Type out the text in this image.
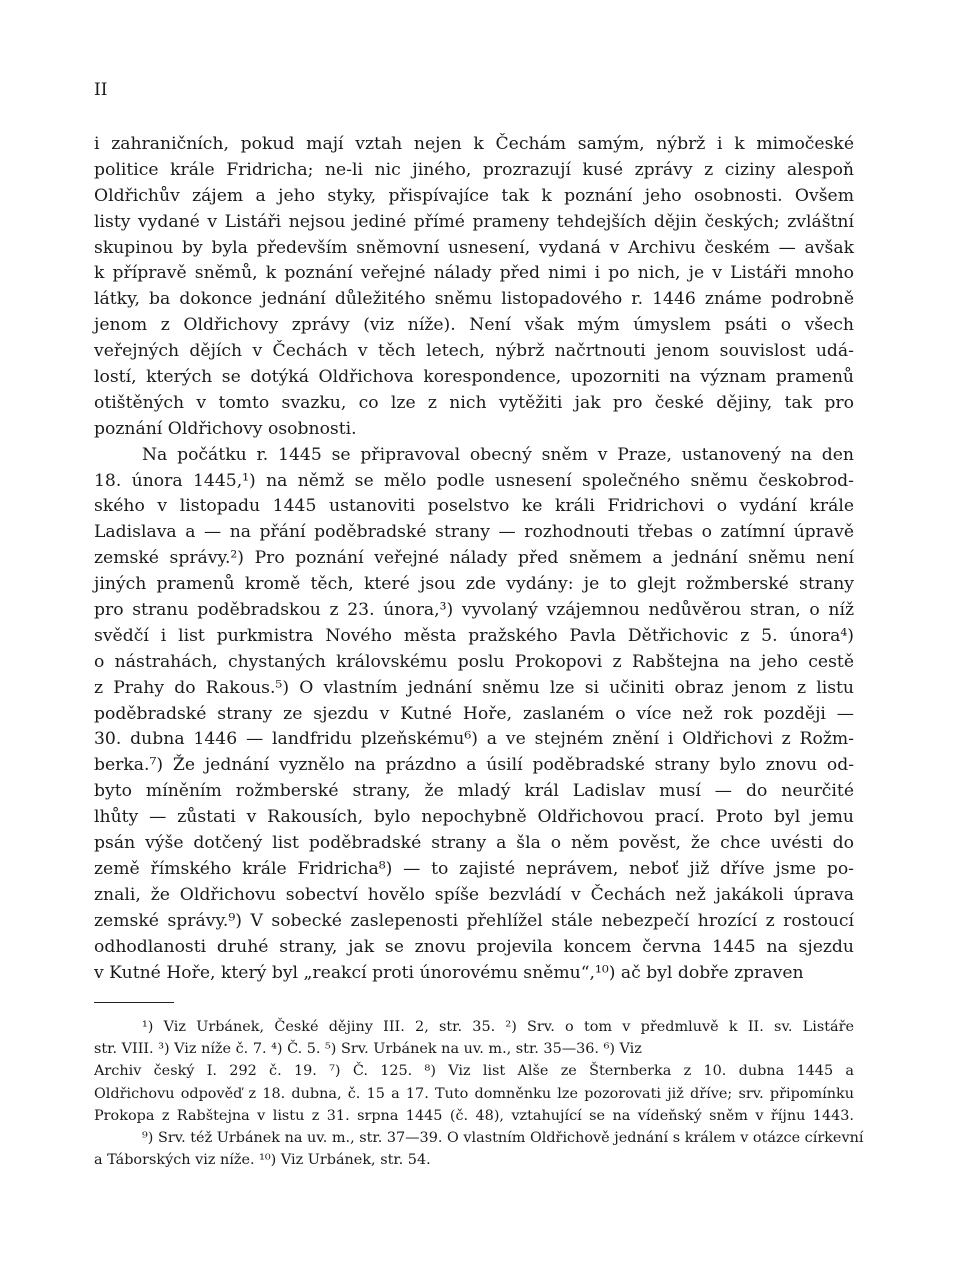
II
i zahraničních, pokud mají vztah nejen k Čechám samým, nýbrž i k mimočeské
politice krále Fridricha; ne-li nic jiného, prozrazují kusé zprávy z ciziny alespoň
Oldřichův zájem a jeho styky, přispívajíce tak k poznání jeho osobnosti. Ovšem
listy vydané v Listáři nejsou jediné přímé prameny tehdejších dějin českých; zvláštní
skupinou by byla především sněmovní usnesení, vydaná v Archivu českém — avšak
k přípravě sněmů, k poznání veřejné nálady před nimi i po nich, je v Listáři mnoho
látky, ba dokonce jednání důležitého sněmu listopadového r. 1446 známe podrobně
jenom z Oldřichovy zprávy (viz níže). Není však mým úmyslem psáti o všech
veřejných dějích v Čechách v těch letech, nýbrž načrtnouti jenom souvislost udá-
lostí, kterých se dotýká Oldřichova korespondence, upozorniti na význam pramenů
otištěných v tomto svazku, co lze z nich vytěžiti jak pro české dějiny, tak pro
poznání Oldřichovy osobnosti.
Na počátku r. 1445 se připravoval obecný sněm v Praze, ustanovený na den
18. února 1445,¹) na němž se mělo podle usnesení společného sněmu českobrod-
ského v listopadu 1445 ustanoviti poselstvo ke králi Fridrichovi o vydání krále
Ladislava a — na přání poděbradské strany — rozhodnouti třebas o zatímní úpravě
zemské správy.²) Pro poznání veřejné nálady před sněmem a jednání sněmu není
jiných pramenů kromě těch, které jsou zde vydány: je to glejt rožmberské strany
pro stranu poděbradskou z 23. února,³) vyvolaný vzájemnou nedůvěrou stran, o níž
svědčí i list purkmistra Nového města pražského Pavla Dětřichovic z 5. února⁴)
o nástrahách, chystaných královskému poslu Prokopovi z Rabštejna na jeho cestě
z Prahy do Rakous.⁵) O vlastním jednání sněmu lze si učiniti obraz jenom z listu
poděbradské strany ze sjezdu v Kutné Hoře, zaslaném o více než rok později —
30. dubna 1446 — landfridu plzeňskému⁶) a ve stejném znění i Oldřichovi z Rožm-
berka.⁷) Že jednání vyznělo na prázdno a úsilí poděbradské strany bylo znovu od-
byto míněním rožmberské strany, že mladý král Ladislav musí — do neurčité
lhůty — zůstati v Rakousích, bylo nepochybně Oldřichovou prací. Proto byl jemu
psán výše dotčený list poděbradské strany a šla o něm pověst, že chce uvésti do
země římského krále Fridricha⁸) — to zajisté neprávem, neboť již dříve jsme po-
znali, že Oldřichovu sobectví hovělo spíše bezvládí v Čechách než jakákoli úprava
zemské správy.⁹) V sobecké zaslepenosti přehlížel stále nebezpečí hrozící z rostoucí
odhodlanosti druhé strany, jak se znovu projevila koncem června 1445 na sjezdu
v Kutné Hoře, který byl „reakcí proti únorovému sněmu“,¹⁰) ač byl dobře zpraven
¹) Viz Urbánek, České dějiny III. 2, str. 35. ²) Srv. o tom v předmluvě k II. sv. Listáře
str. VIII. ³) Viz níže č. 7. ⁴) Č. 5. ⁵) Srv. Urbánek na uv. m., str. 35—36. ⁶) Viz
Archiv český I. 292 č. 19. ⁷) Č. 125. ⁸) Viz list Alše ze Šternberka z 10. dubna 1445 a
Oldřichovu odpověď z 18. dubna, č. 15 a 17. Tuto domněnku lze pozorovati již dříve; srv. připomínku
Prokopa z Rabštejna v listu z 31. srpna 1445 (č. 48), vztahující se na vídeňský sněm v říjnu 1443.
⁹) Srv. též Urbánek na uv. m., str. 37—39. O vlastním Oldřichově jednání s králem v otázce církevní
a Táborských viz níže. ¹⁰) Viz Urbánek, str. 54.
